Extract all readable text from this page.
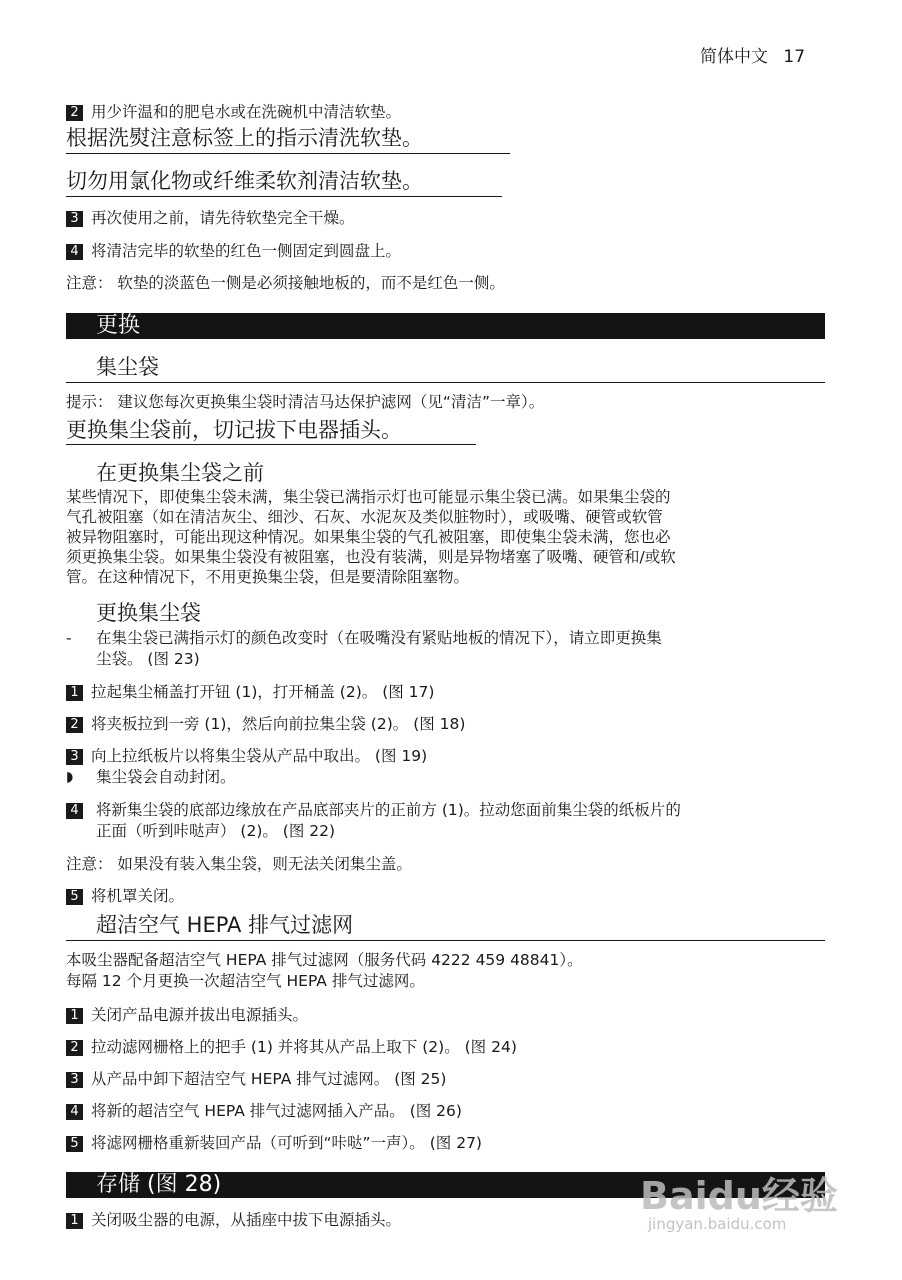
简体中文 17
2 用少许温和的肥皂水或在洗碗机中清洁软垫。
根据洗熨注意标签上的指示清洗软垫。
切勿用氯化物或纤维柔软剂清洁软垫。
3 再次使用之前，请先待软垫完全干燥。
4 将清洁完毕的软垫的红色一侧固定到圆盘上。
注意： 软垫的淡蓝色一侧是必须接触地板的，而不是红色一侧。
更换
集尘袋
提示： 建议您每次更换集尘袋时清洁马达保护滤网（见“清洁”一章）。
更换集尘袋前，切记拔下电器插头。
在更换集尘袋之前
某些情况下，即使集尘袋未满，集尘袋已满指示灯也可能显示集尘袋已满。如果集尘袋的
气孔被阻塞（如在清洁灰尘、细沙、石灰、水泥灰及类似脏物时），或吸嘴、硬管或软管
被异物阻塞时，可能出现这种情况。如果集尘袋的气孔被阻塞，即使集尘袋未满，您也必
须更换集尘袋。如果集尘袋没有被阻塞，也没有装满，则是异物堵塞了吸嘴、硬管和/或软
管。在这种情况下，不用更换集尘袋，但是要清除阻塞物。
更换集尘袋
- 在集尘袋已满指示灯的颜色改变时（在吸嘴没有紧贴地板的情况下），请立即更换集
尘袋。 (图 23)
1 拉起集尘桶盖打开钮 (1)，打开桶盖 (2)。 (图 17)
2 将夹板拉到一旁 (1)，然后向前拉集尘袋 (2)。 (图 18)
3 向上拉纸板片以将集尘袋从产品中取出。 (图 19)
◗ 集尘袋会自动封闭。
4 将新集尘袋的底部边缘放在产品底部夹片的正前方 (1)。拉动您面前集尘袋的纸板片的
正面（听到咔哒声） (2)。 (图 22)
注意： 如果没有装入集尘袋，则无法关闭集尘盖。
5 将机罩关闭。
超洁空气 HEPA 排气过滤网
本吸尘器配备超洁空气 HEPA 排气过滤网（服务代码 4222 459 48841）。
每隔 12 个月更换一次超洁空气 HEPA 排气过滤网。
1 关闭产品电源并拔出电源插头。
2 拉动滤网栅格上的把手 (1) 并将其从产品上取下 (2)。 (图 24)
3 从产品中卸下超洁空气 HEPA 排气过滤网。 (图 25)
4 将新的超洁空气 HEPA 排气过滤网插入产品。 (图 26)
5 将滤网栅格重新装回产品（可听到“咔哒”一声）。 (图 27)
存储 (图 28)
1 关闭吸尘器的电源，从插座中拔下电源插头。
Baidu经验
jingyan.baidu.com
